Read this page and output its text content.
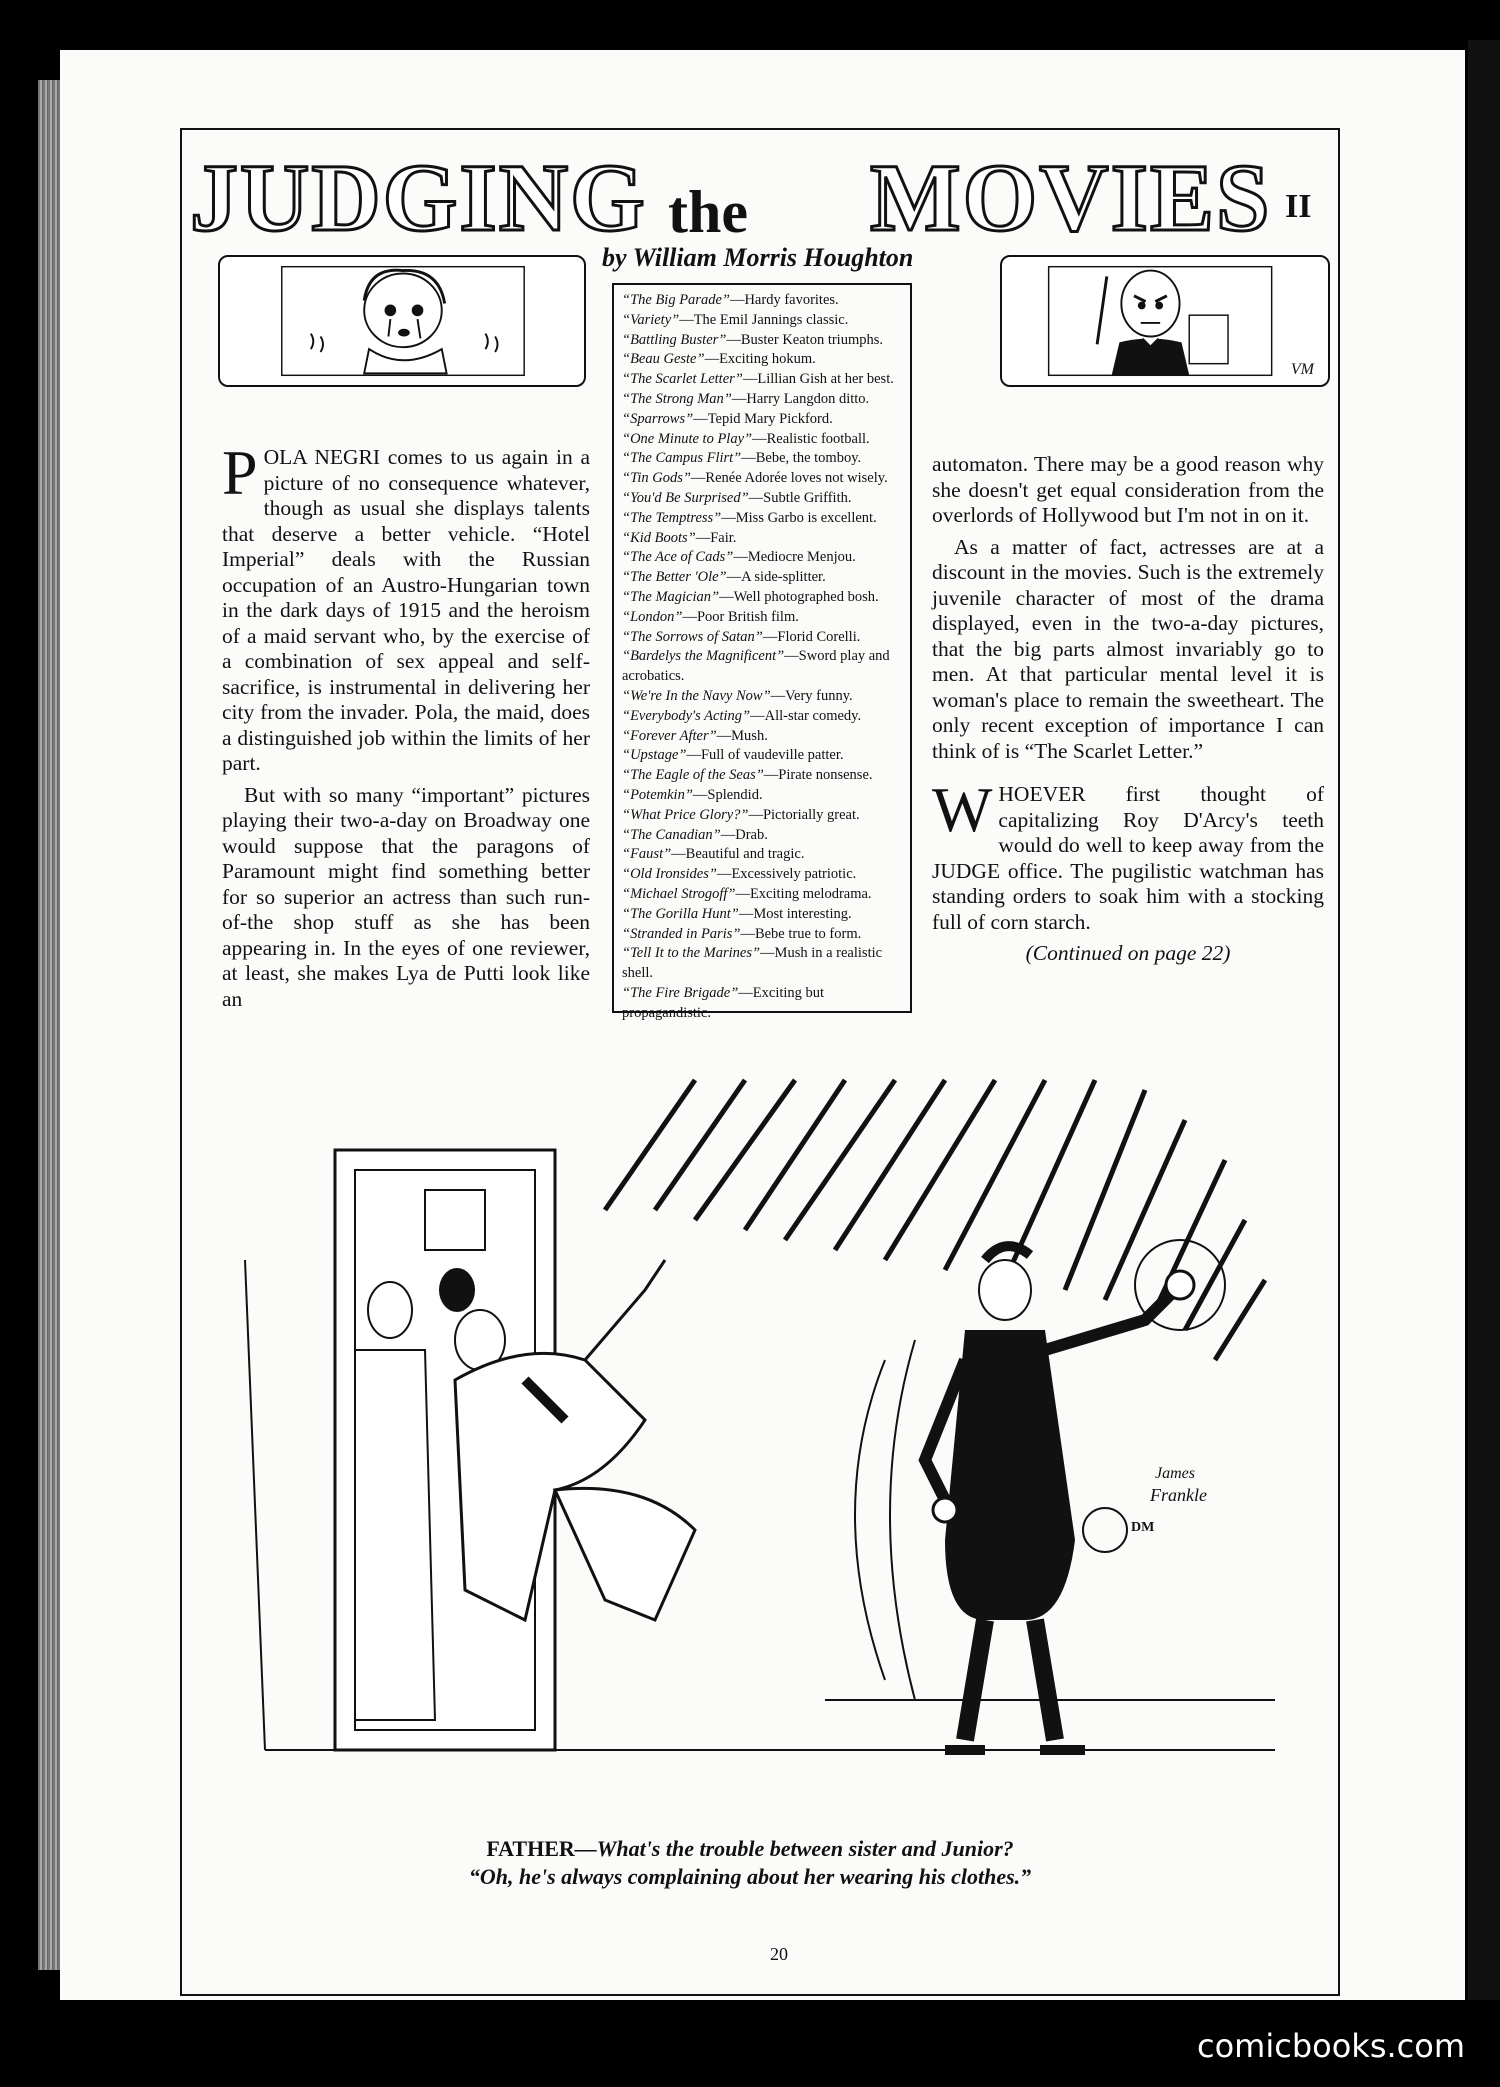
JUDGING the MOVIES II
by William Morris Houghton
VM

POLA NEGRI comes to us again in a picture of no consequence whatever, though as usual she displays talents that deserve a better vehicle. “Hotel Imperial” deals with the Russian occupation of an Austro-Hungarian town in the dark days of 1915 and the heroism of a maid servant who, by the exercise of a combination of sex appeal and self-sacrifice, is instrumental in delivering her city from the invader. Pola, the maid, does a distinguished job within the limits of her part.

But with so many “important” pictures playing their two-a-day on Broadway one would suppose that the paragons of Paramount might find something better for so superior an actress than such run-of-the shop stuff as she has been appearing in. In the eyes of one reviewer, at least, she makes Lya de Putti look like an

“The Big Parade”—Hardy favorites.
“Variety”—The Emil Jannings classic.
“Battling Buster”—Buster Keaton triumphs.
“Beau Geste”—Exciting hokum.
“The Scarlet Letter”—Lillian Gish at her best.
“The Strong Man”—Harry Langdon ditto.
“Sparrows”—Tepid Mary Pickford.
“One Minute to Play”—Realistic football.
“The Campus Flirt”—Bebe, the tomboy.
“Tin Gods”—Renée Adorée loves not wisely.
“You'd Be Surprised”—Subtle Griffith.
“The Temptress”—Miss Garbo is excellent.
“Kid Boots”—Fair.
“The Ace of Cads”—Mediocre Menjou.
“The Better 'Ole”—A side-splitter.
“The Magician”—Well photographed bosh.
“London”—Poor British film.
“The Sorrows of Satan”—Florid Corelli.
“Bardelys the Magnificent”—Sword play and acrobatics.
“We're In the Navy Now”—Very funny.
“Everybody's Acting”—All-star comedy.
“Forever After”—Mush.
“Upstage”—Full of vaudeville patter.
“The Eagle of the Seas”—Pirate nonsense.
“Potemkin”—Splendid.
“What Price Glory?”—Pictorially great.
“The Canadian”—Drab.
“Faust”—Beautiful and tragic.
“Old Ironsides”—Excessively patriotic.
“Michael Strogoff”—Exciting melodrama.
“The Gorilla Hunt”—Most interesting.
“Stranded in Paris”—Bebe true to form.
“Tell It to the Marines”—Mush in a realistic shell.
“The Fire Brigade”—Exciting but propagandistic.

automaton. There may be a good reason why she doesn't get equal consideration from the overlords of Hollywood but I'm not in on it.

As a matter of fact, actresses are at a discount in the movies. Such is the extremely juvenile character of most of the drama displayed, even in the two-a-day pictures, that the big parts almost invariably go to men. At that particular mental level it is woman's place to remain the sweetheart. The only recent exception of importance I can think of is “The Scarlet Letter.”

WHOEVER first thought of capitalizing Roy D'Arcy's teeth would do well to keep away from the JUDGE office. The pugilistic watchman has standing orders to soak him with a stocking full of corn starch.

(Continued on page 22)

James
Frankle
DM
FATHER—What's the trouble between sister and Junior?
“Oh, he's always complaining about her wearing his clothes.”
20
comicbooks.com
